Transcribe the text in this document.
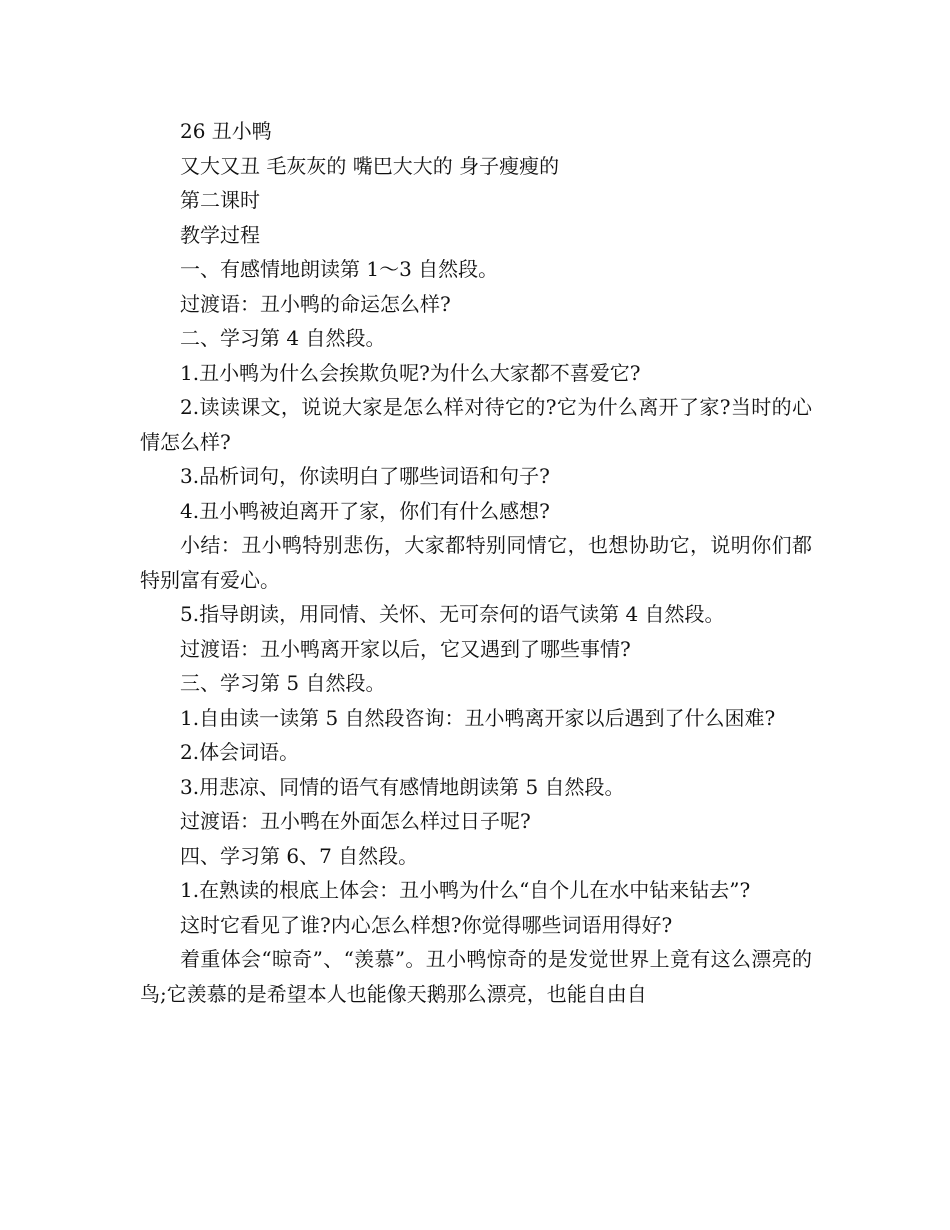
26 丑小鸭

又大又丑 毛灰灰的 嘴巴大大的 身子瘦瘦的

第二课时

教学过程

一、有感情地朗读第 1～3 自然段。

过渡语：丑小鸭的命运怎么样?

二、学习第 4 自然段。

1.丑小鸭为什么会挨欺负呢?为什么大家都不喜爱它?

2.读读课文，说说大家是怎么样对待它的?它为什么离开了家?当时的心情怎么样?

3.品析词句，你读明白了哪些词语和句子?

4.丑小鸭被迫离开了家，你们有什么感想?

小结：丑小鸭特别悲伤，大家都特别同情它，也想协助它，说明你们都特别富有爱心。

5.指导朗读，用同情、关怀、无可奈何的语气读第 4 自然段。

过渡语：丑小鸭离开家以后，它又遇到了哪些事情?

三、学习第 5 自然段。

1.自由读一读第 5 自然段咨询：丑小鸭离开家以后遇到了什么困难?

2.体会词语。

3.用悲凉、同情的语气有感情地朗读第 5 自然段。

过渡语：丑小鸭在外面怎么样过日子呢?

四、学习第 6、7 自然段。

1.在熟读的根底上体会：丑小鸭为什么“自个儿在水中钻来钻去”?

这时它看见了谁?内心怎么样想?你觉得哪些词语用得好?

着重体会“晾奇”、“羡慕”。丑小鸭惊奇的是发觉世界上竟有这么漂亮的鸟;它羡慕的是希望本人也能像天鹅那么漂亮，也能自由自
